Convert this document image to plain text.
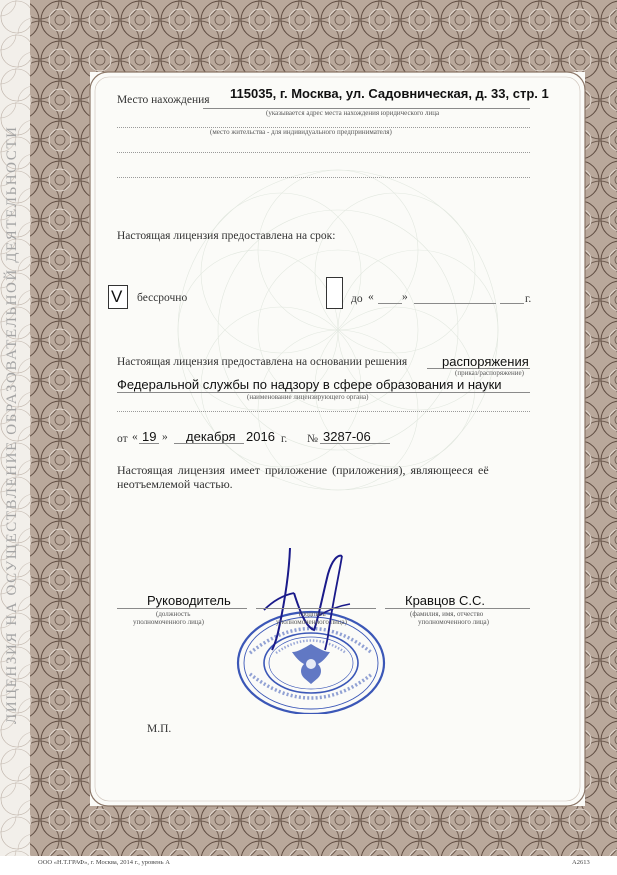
ЛИЦЕНЗИЯ НА ОСУЩЕСТВЛЕНИЕ ОБРАЗОВАТЕЛЬНОЙ ДЕЯТЕЛЬНОСТИ
Место нахождения 115035, г. Москва, ул. Садовническая, д. 33, стр. 1
(указывается адрес места нахождения юридического лица
(место жительства - для индивидуального предпринимателя)
Настоящая лицензия предоставлена на срок:
V бессрочно	до « »	г.
Настоящая лицензия предоставлена на основании решения	распоряжения
(приказ/распоряжение)
Федеральной службы по надзору в сфере образования и науки
(наименование лицензирующего органа)
от « 19 » декабря 2016 г. № 3287-06
Настоящая лицензия имеет приложение (приложения), являющееся её
неотъемлемой частью.
Руководитель
(должность
уполномоченного лица)
(подпись
уполномоченного лица)
Кравцов С.С.
(фамилия, имя, отчество
уполномоченного лица)
М.П.
ООО «Н.Т.ГРАФ», г. Москва, 2014 г., уровень А	А2613
